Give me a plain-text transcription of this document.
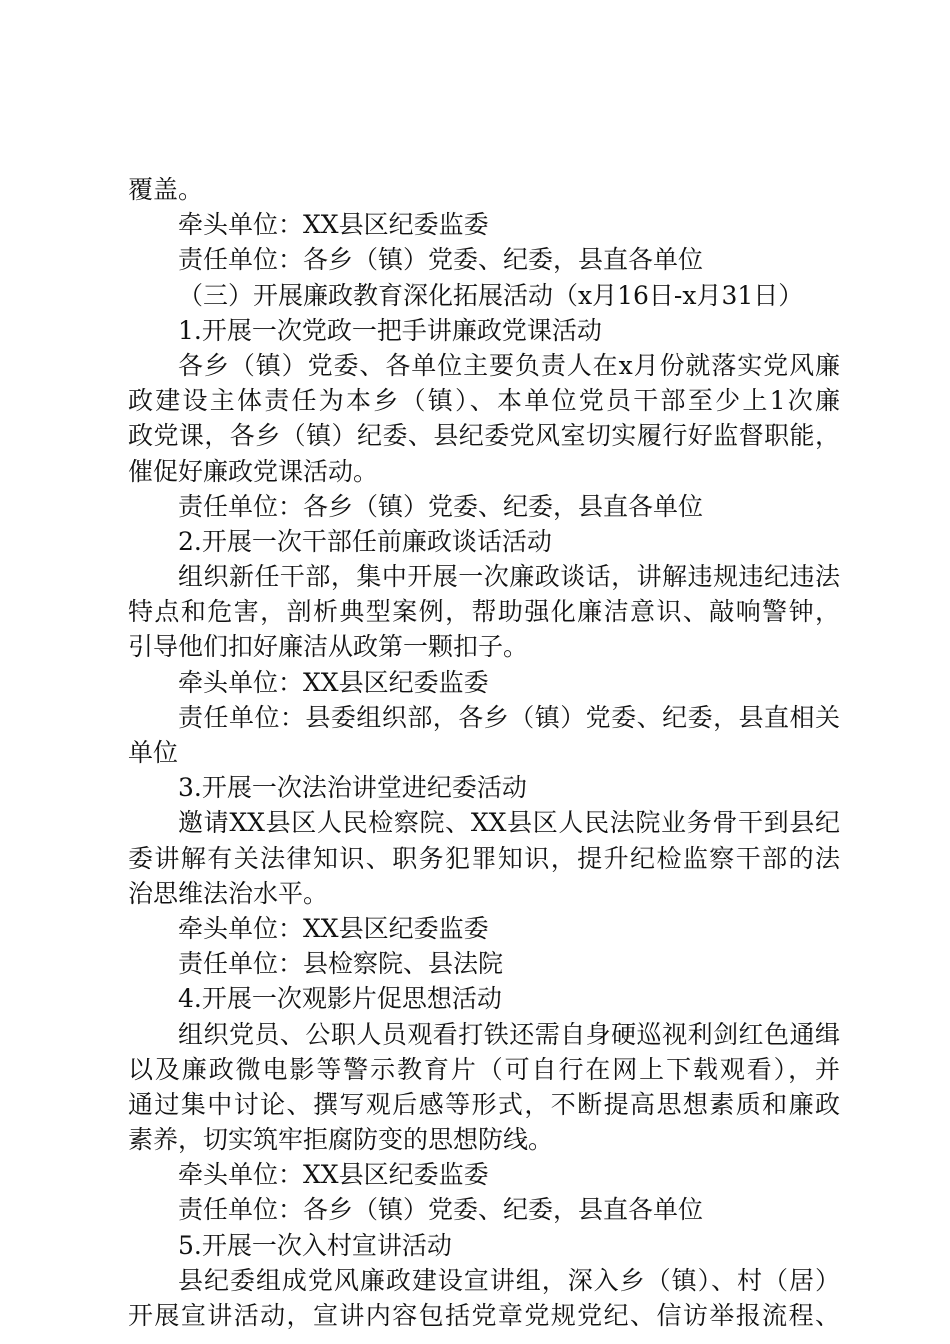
覆盖。
牵头单位：XX县区纪委监委
责任单位：各乡（镇）党委、纪委，县直各单位
（三）开展廉政教育深化拓展活动（x月16日-x月31日）
1.开展一次党政一把手讲廉政党课活动
各乡（镇）党委、各单位主要负责人在x月份就落实党风廉
政建设主体责任为本乡（镇）、本单位党员干部至少上1次廉
政党课，各乡（镇）纪委、县纪委党风室切实履行好监督职能，
催促好廉政党课活动。
责任单位：各乡（镇）党委、纪委，县直各单位
2.开展一次干部任前廉政谈话活动
组织新任干部，集中开展一次廉政谈话，讲解违规违纪违法
特点和危害，剖析典型案例，帮助强化廉洁意识、敲响警钟，
引导他们扣好廉洁从政第一颗扣子。
牵头单位：XX县区纪委监委
责任单位：县委组织部，各乡（镇）党委、纪委，县直相关
单位
3.开展一次法治讲堂进纪委活动
邀请XX县区人民检察院、XX县区人民法院业务骨干到县纪
委讲解有关法律知识、职务犯罪知识，提升纪检监察干部的法
治思维法治水平。
牵头单位：XX县区纪委监委
责任单位：县检察院、县法院
4.开展一次观影片促思想活动
组织党员、公职人员观看打铁还需自身硬巡视利剑红色通缉
以及廉政微电影等警示教育片（可自行在网上下载观看），并
通过集中讨论、撰写观后感等形式，不断提高思想素质和廉政
素养，切实筑牢拒腐防变的思想防线。
牵头单位：XX县区纪委监委
责任单位：各乡（镇）党委、纪委，县直各单位
5.开展一次入村宣讲活动
县纪委组成党风廉政建设宣讲组，深入乡（镇）、村（居）
开展宣讲活动，宣讲内容包括党章党规党纪、信访举报流程、
